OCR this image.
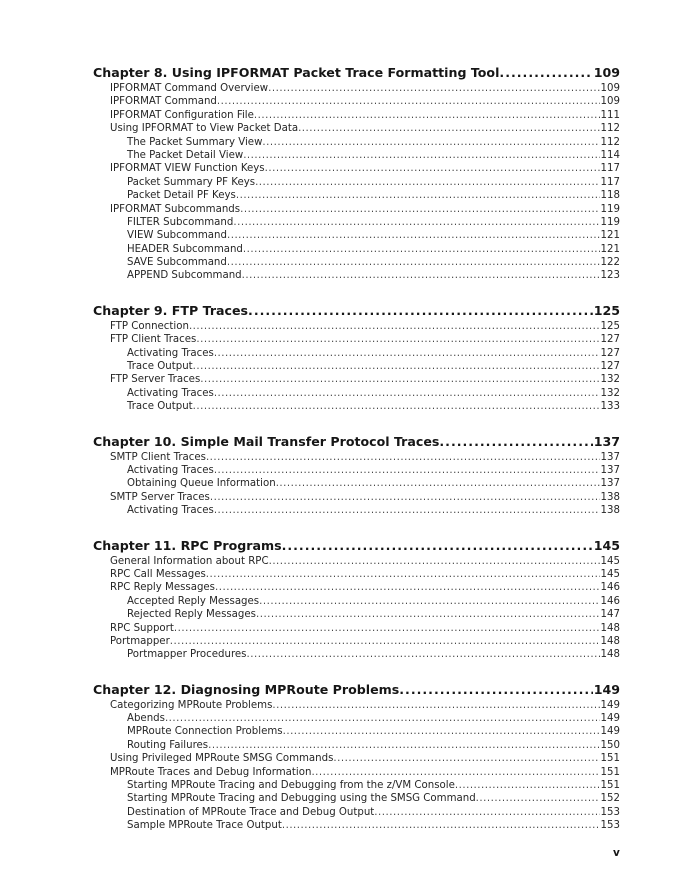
Chapter 8. Using IPFORMAT Packet Trace Formatting Tool .....	109
IPFORMAT Command Overview .....	109
IPFORMAT Command .....	109
IPFORMAT Configuration File .....	111
Using IPFORMAT to View Packet Data .....	112
The Packet Summary View .....	112
The Packet Detail View .....	114
IPFORMAT VIEW Function Keys .....	117
Packet Summary PF Keys .....	117
Packet Detail PF Keys .....	118
IPFORMAT Subcommands .....	119
FILTER Subcommand .....	119
VIEW Subcommand .....	121
HEADER Subcommand .....	121
SAVE Subcommand .....	122
APPEND Subcommand .....	123
Chapter 9. FTP Traces .....	125
FTP Connection .....	125
FTP Client Traces .....	127
Activating Traces .....	127
Trace Output .....	127
FTP Server Traces .....	132
Activating Traces .....	132
Trace Output .....	133
Chapter 10. Simple Mail Transfer Protocol Traces .....	137
SMTP Client Traces .....	137
Activating Traces .....	137
Obtaining Queue Information .....	137
SMTP Server Traces .....	138
Activating Traces .....	138
Chapter 11. RPC Programs .....	145
General Information about RPC .....	145
RPC Call Messages .....	145
RPC Reply Messages .....	146
Accepted Reply Messages .....	146
Rejected Reply Messages .....	147
RPC Support .....	148
Portmapper .....	148
Portmapper Procedures .....	148
Chapter 12. Diagnosing MPRoute Problems .....	149
Categorizing MPRoute Problems .....	149
Abends .....	149
MPRoute Connection Problems .....	149
Routing Failures .....	150
Using Privileged MPRoute SMSG Commands .....	151
MPRoute Traces and Debug Information .....	151
Starting MPRoute Tracing and Debugging from the z/VM Console .....	151
Starting MPRoute Tracing and Debugging using the SMSG Command .....	152
Destination of MPRoute Trace and Debug Output .....	153
Sample MPRoute Trace Output .....	153
v
